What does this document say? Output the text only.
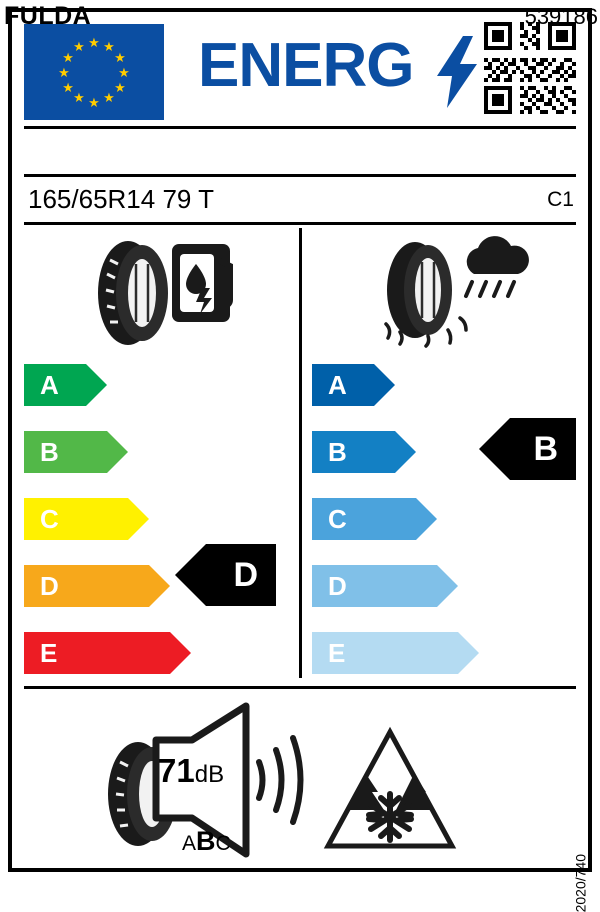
★ ★
★
★
★
★
★
★
★
★
★
★ ENERG
FULDA	539186
165/65R14 79 T	C1
A
B
C
D
E
D
A
B
C
D
E
B
71dB
ABC
2020/740
